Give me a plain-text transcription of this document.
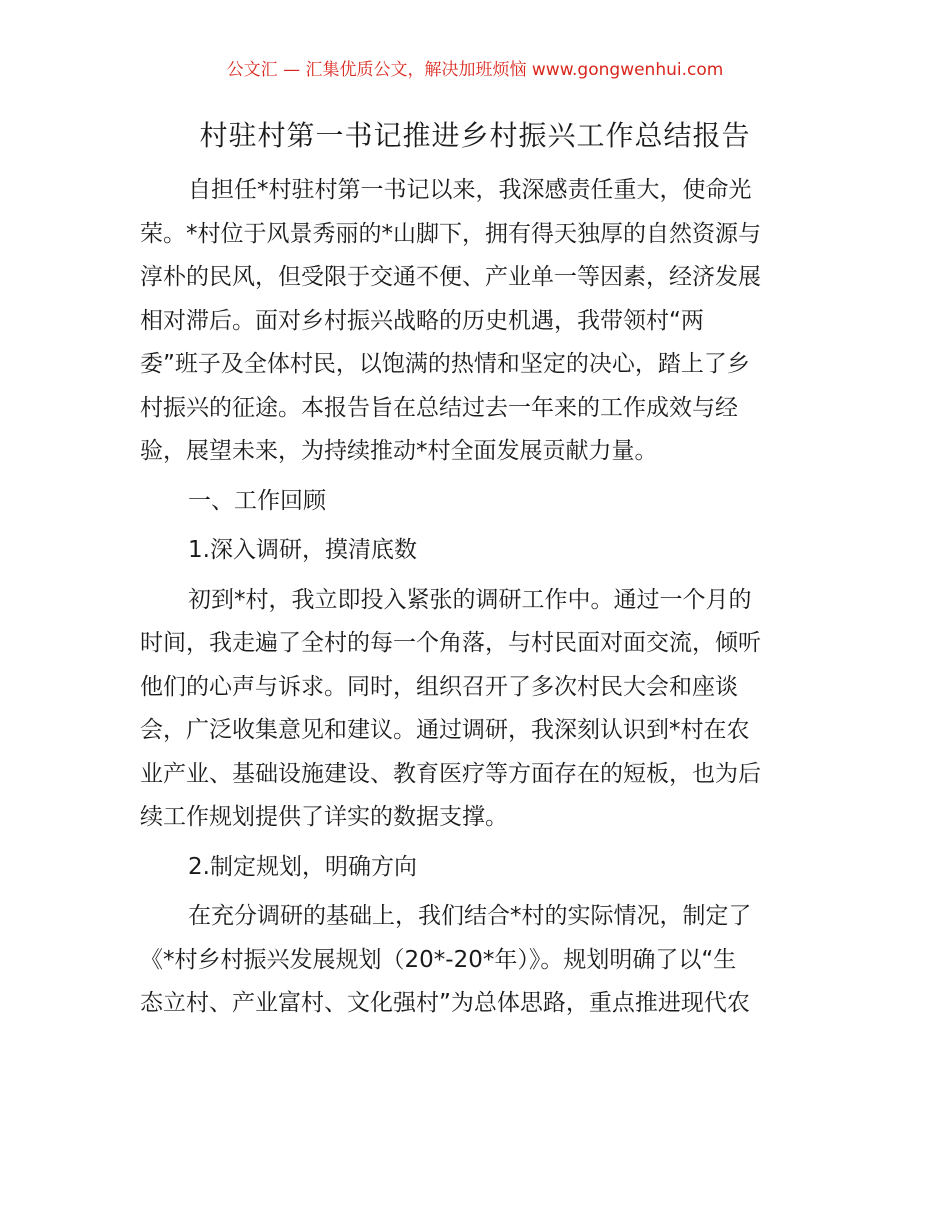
公文汇 — 汇集优质公文，解决加班烦恼 www.gongwenhui.com
村驻村第一书记推进乡村振兴工作总结报告
自担任*村驻村第一书记以来，我深感责任重大，使命光
荣。*村位于风景秀丽的*山脚下，拥有得天独厚的自然资源与
淳朴的民风，但受限于交通不便、产业单一等因素，经济发展
相对滞后。面对乡村振兴战略的历史机遇，我带领村“两
委”班子及全体村民，以饱满的热情和坚定的决心，踏上了乡
村振兴的征途。本报告旨在总结过去一年来的工作成效与经
验，展望未来，为持续推动*村全面发展贡献力量。
一、工作回顾
1.深入调研，摸清底数
初到*村，我立即投入紧张的调研工作中。通过一个月的
时间，我走遍了全村的每一个角落，与村民面对面交流，倾听
他们的心声与诉求。同时，组织召开了多次村民大会和座谈
会，广泛收集意见和建议。通过调研，我深刻认识到*村在农
业产业、基础设施建设、教育医疗等方面存在的短板，也为后
续工作规划提供了详实的数据支撑。
2.制定规划，明确方向
在充分调研的基础上，我们结合*村的实际情况，制定了
《*村乡村振兴发展规划（20*-20*年）》。规划明确了以“生
态立村、产业富村、文化强村”为总体思路，重点推进现代农
